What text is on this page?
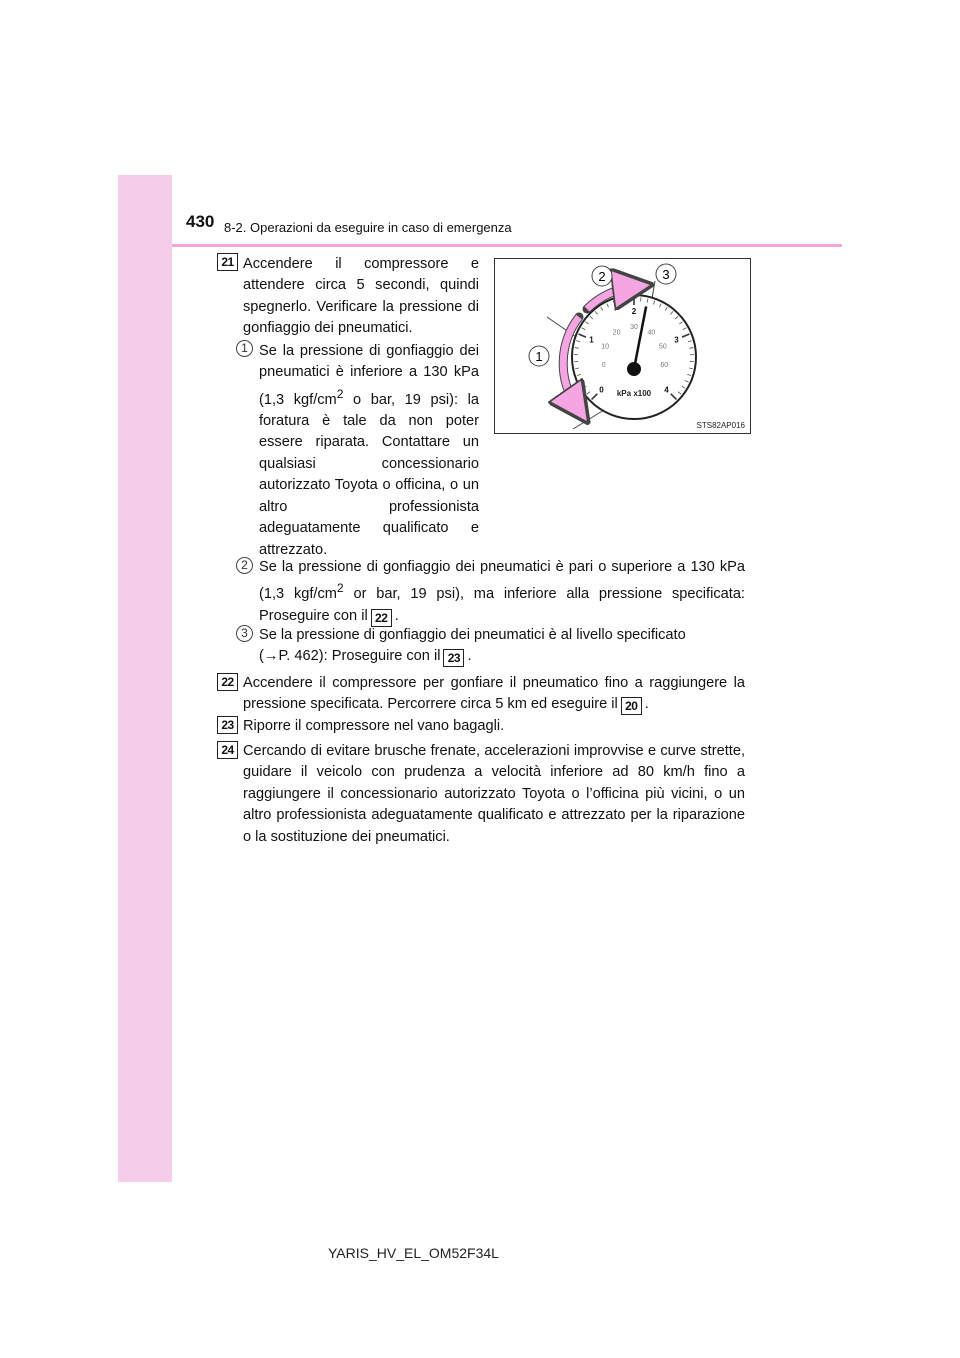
430 8-2. Operazioni da eseguire in caso di emergenza
21 Accendere il compressore e attendere circa 5 secondi, quindi spegnerlo. Verificare la pressione di gonfiaggio dei pneumatici.
1 Se la pressione di gonfiaggio dei pneumatici è inferiore a 130 kPa (1,3 kgf/$cm^2$ o bar, 19 psi): la foratura è tale da non poter essere riparata. Contattare un qualsiasi concessionario autorizzato Toyota o officina, o un altro professionista adeguatamente qualificato e attrezzato.
0
1
2
3
4
0
10
20
30
40
50
60
kPa x100
1
2	3
STS82AP016
2 Se la pressione di gonfiaggio dei pneumatici è pari o superiore a 130 kPa (1,3 kgf/$cm^2$ or bar, 19 psi), ma inferiore alla pressione specificata: Proseguire con il 22 .
3 Se la pressione di gonfiaggio dei pneumatici è al livello specificato
(→P. 462): Proseguire con il 23 .
22 Accendere il compressore per gonfiare il pneumatico fino a raggiungere la pressione specificata. Percorrere circa 5 km ed eseguire il 20 .
23 Riporre il compressore nel vano bagagli.
24 Cercando di evitare brusche frenate, accelerazioni improvvise e curve strette, guidare il veicolo con prudenza a velocità inferiore ad 80 km/h fino a raggiungere il concessionario autorizzato Toyota o l’officina più vicini, o un altro professionista adeguatamente qualificato e attrezzato per la riparazione o la sostituzione dei pneumatici.
YARIS_HV_EL_OM52F34L
